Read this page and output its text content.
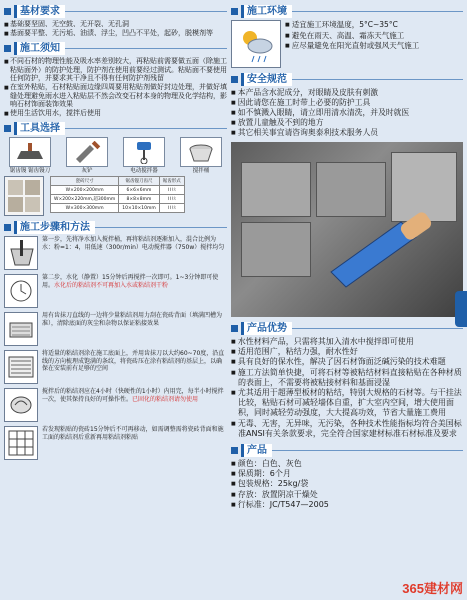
基材要求
■ 基础要坚固、无空鼓、无开裂、无孔洞
■ 基面要平整、无污垢、油渍、浮尘，凹凸不平处，起砂，脱模剂等
施工须知
■ 不同石材的物理性能及吸水率差别较大，再粘贴前需要做五面（除施工粘贴面外）的防护处理，防护剂在使用前要经过测试。粘贴面不要使用任何防护，并要求其干净且不得有任何防护剂残留
■ 在室外粘贴，石材粘贴面边缘四周要用粘贴剂做好封边处理，并做好填缝处理避免雨水进入粘贴层不然会改变石材本身的物理及化学结构，影响石材饰面装饰效果
■ 使用生活饮用水，搅拌后使用
工具选择
锯齿镘 锯齿镘刀	灰铲	电动搅拌器	搅拌桶
瓷砖尺寸	锯齿镘刀齿尺	锯齿形式
W×200×200mm	6×6×6mm	⌇⌇⌇⌇
W×200×220mm,超300mm	8×8×8mm	⌇⌇⌇⌇
W×300×300mm	10×10×10mm	⌇⌇⌇⌇
施工步骤和方法
第一步，先将净水加入搅拌桶，再将粘结剂逐渐加入，混合比例为水：粉=1：4，用低速（300r/min）电动搅拌器（750w）搅拌均匀
第二步，水化（静置）15分钟后再搅拌一次即可。1~3分钟即可使用。水化后的粘结剂不可再加入水或粘结剂干粉
用有齿抹刀直线的一边将少量粘结剂用力刮在瓷砖背面（填满凹槽为准），清除底面的灰尘和杂物以保证粘接效果
将适量的粘结剂涂在施工底面上，并用齿抹刀以大约60~70度，沿直线的方向梳理成饱满的条纹，将瓷砖压在涂有粘结剂的基层上，以确保在安装前有足够的空间
搅拌后的粘结剂应在4小时（快硬性的1小时）内用完，每半小时搅拌一次，使其保持良好的可操作性。已固化的粘结剂请勿使用
若发现粘贴的瓷砖15分钟后不可再移动，如需调整需将瓷砖背面和施工面的粘结剂后重新再用粘结剂粘贴
施工环境
■ 适宜施工环境温度，5°C~35°C
■ 避免在雨天、高温、霜冻天气施工
■ 应尽量避免在阳光直射或强风天气施工
安全规范
■ 本产品含水泥成分，对眼睛及皮肤有刺激
■ 因此请您在施工时带上必要的防护工具
■ 如不慎溅入眼睛，请立即用清水清洗，并及时就医
■ 放置儿童触及不到的地方
■ 其它相关事宜请咨询奥泰利技术服务人员
产品优势
■ 水性材料产品，只需将其加入清水中搅拌即可使用
■ 适用范围广，粘结力强，耐水性好
■ 具有良好的保水性，解决了因石材饰面泛碱污染的技术难题
■ 施工方法简单快捷，可将石材等被粘结材料直接粘贴在各种材质的表面上，不需要将被粘接材料和基面浸湿
■ 尤其适用于超薄型板材的粘结，特别大规格的石材等。与干挂法比较，粘贴石材可减轻墙体自重，扩大室内空间，增大使用面积，同时减轻劳动强度，大大提高功效，节省大量施工费用
■ 无毒、无害，无异味，无污染，各种技术性能指标均符合美国标准ANSI有关条款要求，完全符合国家建材标准石材标准及要求
产品
■ 颜色：白色、灰色
■ 保质期：6个月
■ 包装规格：25kg/袋
■ 存放：放置阴凉干燥处
■ 行标准：JC/T547—2005
365建材网
